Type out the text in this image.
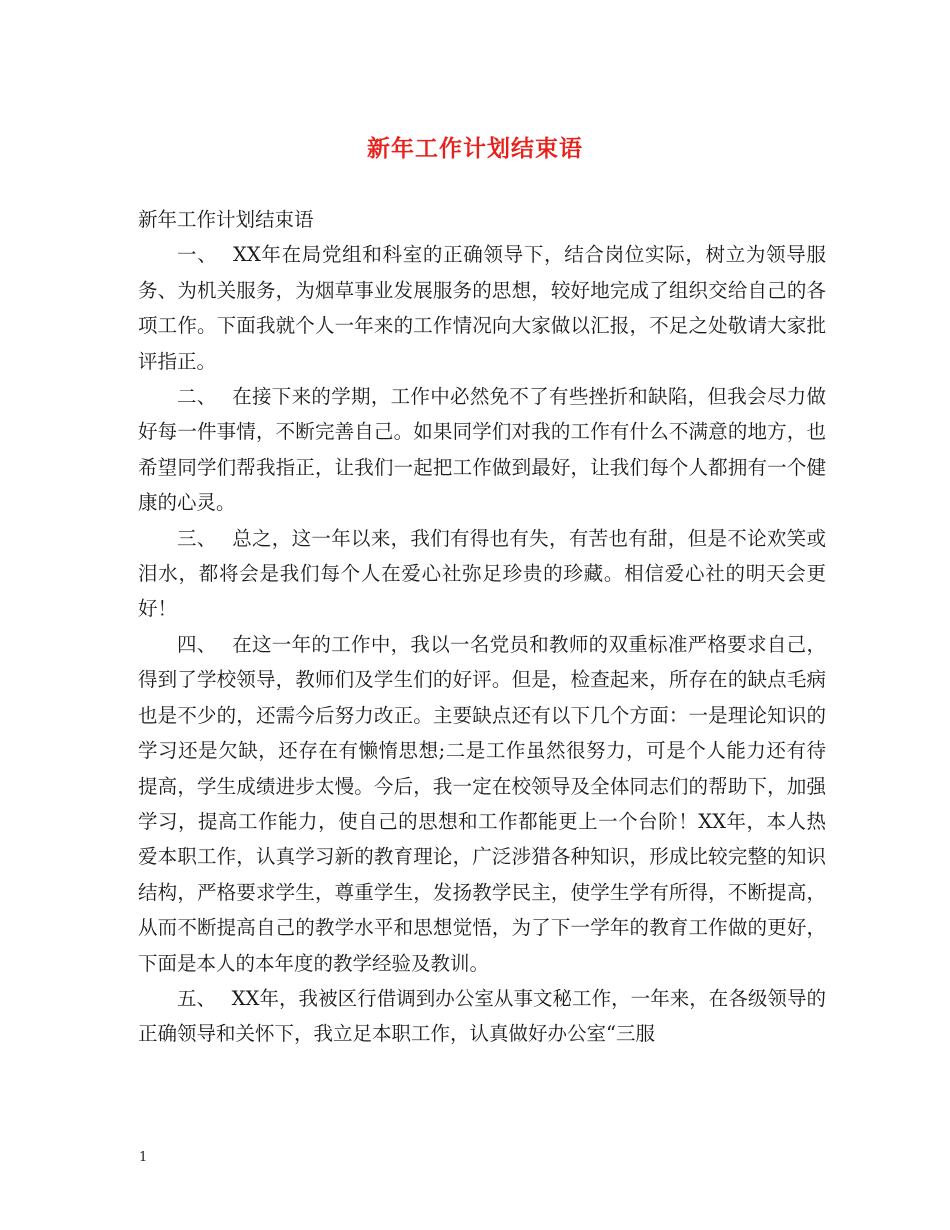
新年工作计划结束语

新年工作计划结束语

一、 XX年在局党组和科室的正确领导下，结合岗位实际，树立为领导服务、为机关服务，为烟草事业发展服务的思想，较好地完成了组织交给自己的各项工作。下面我就个人一年来的工作情况向大家做以汇报，不足之处敬请大家批评指正。

二、 在接下来的学期，工作中必然免不了有些挫折和缺陷，但我会尽力做好每一件事情，不断完善自己。如果同学们对我的工作有什么不满意的地方，也希望同学们帮我指正，让我们一起把工作做到最好，让我们每个人都拥有一个健康的心灵。

三、 总之，这一年以来，我们有得也有失，有苦也有甜，但是不论欢笑或泪水，都将会是我们每个人在爱心社弥足珍贵的珍藏。相信爱心社的明天会更好！

四、 在这一年的工作中，我以一名党员和教师的双重标准严格要求自己，得到了学校领导，教师们及学生们的好评。但是，检查起来，所存在的缺点毛病也是不少的，还需今后努力改正。主要缺点还有以下几个方面：一是理论知识的学习还是欠缺，还存在有懒惰思想;二是工作虽然很努力，可是个人能力还有待提高，学生成绩进步太慢。今后，我一定在校领导及全体同志们的帮助下，加强学习，提高工作能力，使自己的思想和工作都能更上一个台阶！XX年，本人热爱本职工作，认真学习新的教育理论，广泛涉猎各种知识，形成比较完整的知识结构，严格要求学生，尊重学生，发扬教学民主，使学生学有所得，不断提高，从而不断提高自己的教学水平和思想觉悟，为了下一学年的教育工作做的更好，下面是本人的本年度的教学经验及教训。

五、 XX年，我被区行借调到办公室从事文秘工作，一年来，在各级领导的正确领导和关怀下，我立足本职工作，认真做好办公室“三服

1
